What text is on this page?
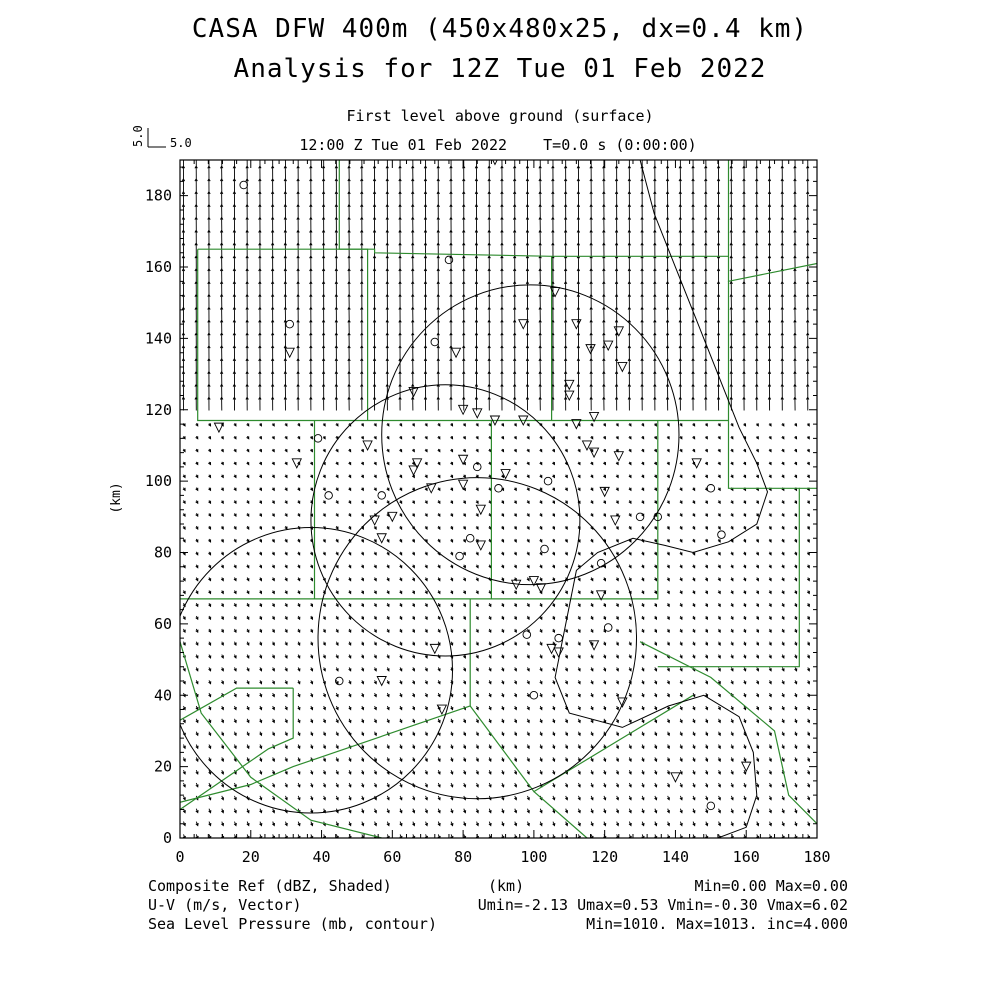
CASA DFW 400m (450x480x25, dx=0.4 km)
Analysis for 12Z Tue 01 Feb 2022
First level above ground (surface)
12:00 Z Tue 01 Feb 2022    T=0.0 s (0:00:00)
0	20	40	60	80	100	120	140	160	180
0
20
40
60
80
100
120
140
160
180
5.0 5.0
(km)
Composite Ref (dBZ, Shaded)
U-V (m/s, Vector)
Sea Level Pressure (mb, contour)
(km)	Min=0.00 Max=0.00
Umin=-2.13 Umax=0.53 Vmin=-0.30 Vmax=6.02
Min=1010. Max=1013. inc=4.000
